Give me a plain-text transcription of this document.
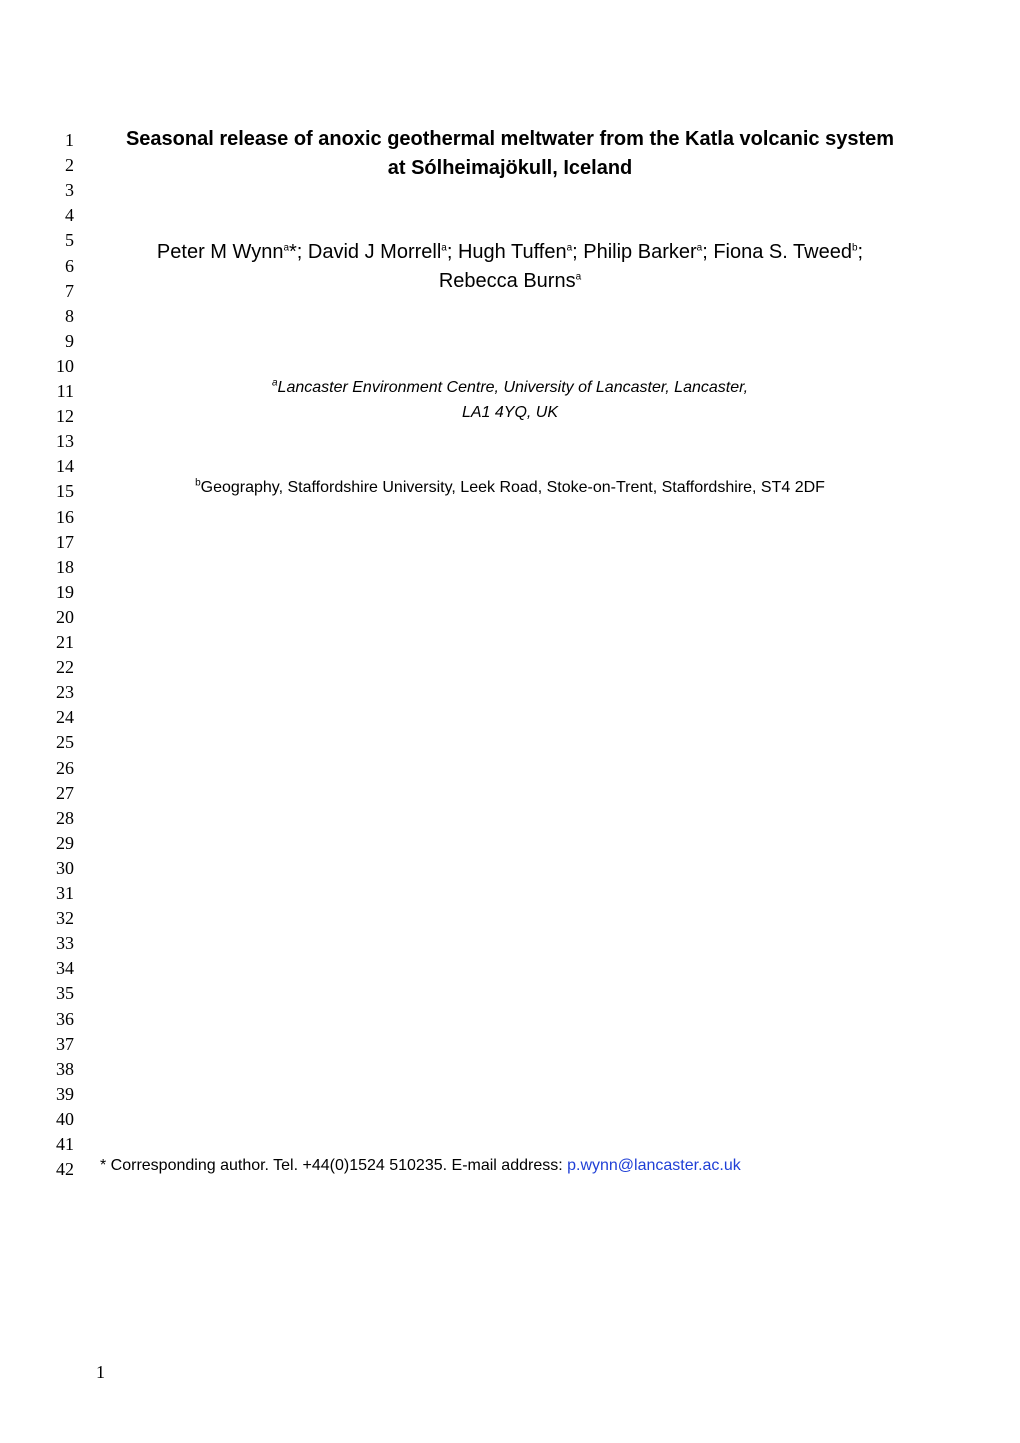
1
2
3
4
5
6
7
8
9
10
11
12
13
14
15
16
17
18
19
20
21
22
23
24
25
26
27
28
29
30
31
32
33
34
35
36
37
38
39
40
41
42
Seasonal release of anoxic geothermal meltwater from the Katla volcanic system
at Sólheimajökull, Iceland
Peter M Wynn$^a$*; David J Morrell$^a$; Hugh Tuffen$^a$; Philip Barker$^a$; Fiona S. Tweed$^b$;
Rebecca Burns$^a$
$^a$Lancaster Environment Centre, University of Lancaster, Lancaster,
LA1 4YQ, UK
$^b$Geography, Staffordshire University, Leek Road, Stoke-on-Trent, Staffordshire, ST4 2DF
* Corresponding author. Tel. +44(0)1524 510235. E-mail address: p.wynn@lancaster.ac.uk
1
